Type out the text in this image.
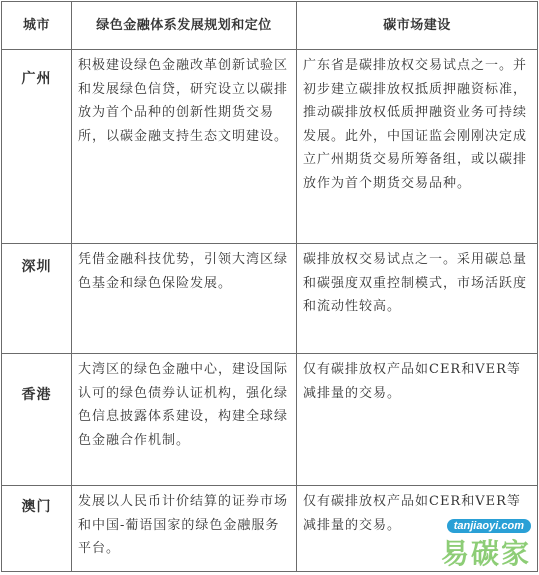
城市	绿色金融体系发展规划和定位	碳市场建设
广州	积极建设绿色金融改革创新试验区和发展绿色信贷，研究设立以碳排放为首个品种的创新性期货交易所，以碳金融支持生态文明建设。	广东省是碳排放权交易试点之一。并初步建立碳排放权抵质押融资标准，推动碳排放权低质押融资业务可持续发展。此外，中国证监会刚刚决定成立广州期货交易所筹备组，或以碳排放作为首个期货交易品种。
深圳	凭借金融科技优势，引领大湾区绿色基金和绿色保险发展。	碳排放权交易试点之一。采用碳总量和碳强度双重控制模式，市场活跃度和流动性较高。
香港	大湾区的绿色金融中心，建设国际认可的绿色债券认证机构，强化绿色信息披露体系建设，构建全球绿色金融合作机制。	仅有碳排放权产品如CER和VER等减排量的交易。
澳门	发展以人民币计价结算的证券市场和中国-葡语国家的绿色金融服务平台。	仅有碳排放权产品如CER和VER等减排量的交易。	tanjiaoyi.com
易碳家
